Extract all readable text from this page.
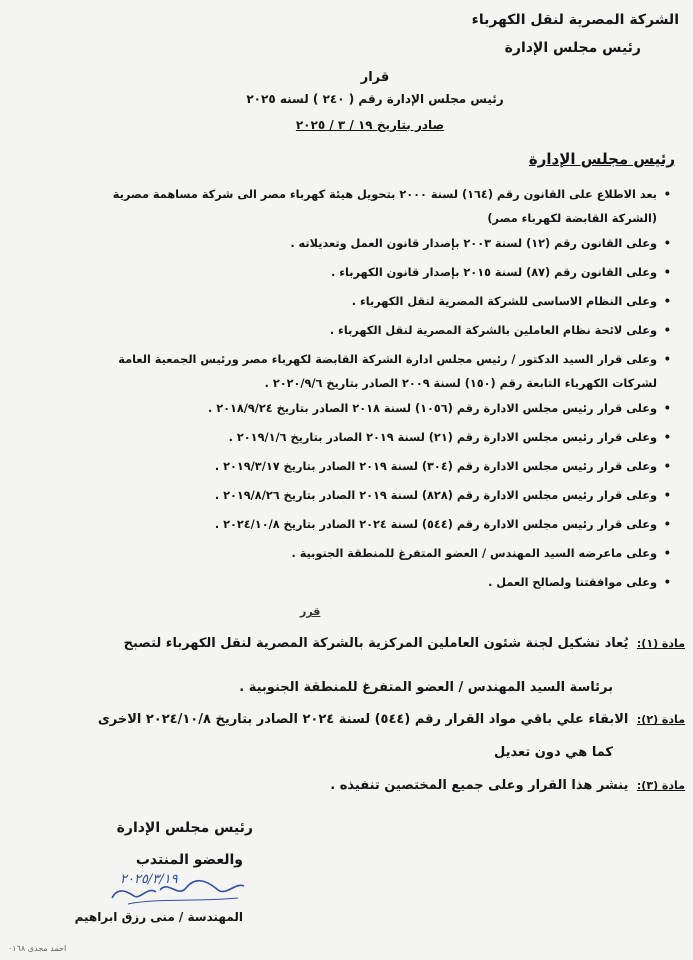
الشركة المصرية لنقل الكهرباء
رئيس مجلس الإدارة
قرار
رئيس مجلس الإدارة رقم ( ٢٤٠ ) لسنه ٢٠٢٥
صادر بتاريخ ١٩ / ٣ / ٢٠٢٥
رئيس مجلس الإدارة
• بعد الاطلاع على القانون رقم (١٦٤) لسنة ٢٠٠٠ بتحويل هيئة كهرباء مصر الى شركة مساهمة مصرية
(الشركة القابضة لكهرباء مصر)
• وعلى القانون رقم (١٢) لسنة ٢٠٠٣ بإصدار قانون العمل وتعديلاته .
• وعلى القانون رقم (٨٧) لسنة ٢٠١٥ بإصدار قانون الكهرباء .
• وعلى النظام الاساسى للشركة المصرية لنقل الكهرباء .
• وعلى لائحة نظام العاملين بالشركة المصرية لنقل الكهرباء .
• وعلى قرار السيد الدكتور / رئيس مجلس ادارة الشركة القابضة لكهرباء مصر ورئيس الجمعية العامة
لشركات الكهرباء التابعة رقم (١٥٠) لسنة ٢٠٠٩ الصادر بتاريخ ٢٠٢٠/٩/٦ .
• وعلى قرار رئيس مجلس الادارة رقم (١٠٥٦) لسنة ٢٠١٨ الصادر بتاريخ ٢٠١٨/٩/٢٤ .
• وعلى قرار رئيس مجلس الادارة رقم (٢١) لسنة ٢٠١٩ الصادر بتاريخ ٢٠١٩/١/٦ .
• وعلى قرار رئيس مجلس الادارة رقم (٣٠٤) لسنة ٢٠١٩ الصادر بتاريخ ٢٠١٩/٣/١٧ .
• وعلى قرار رئيس مجلس الادارة رقم (٨٢٨) لسنة ٢٠١٩ الصادر بتاريخ ٢٠١٩/٨/٢٦ .
• وعلى قرار رئيس مجلس الادارة رقم (٥٤٤) لسنة ٢٠٢٤ الصادر بتاريخ ٢٠٢٤/١٠/٨ .
• وعلى ماعرضه السيد المهندس / العضو المتفرغ للمنطقة الجنوبية .
• وعلى موافقتنا ولصالح العمل .
قرر
مادة (١): يُعاد تشكيل لجنة شئون العاملين المركزية بالشركة المصرية لنقل الكهرباء لتصبح
برئاسة السيد المهندس / العضو المتفرغ للمنطقة الجنوبية .
مادة (٢): الابقاء علي باقي مواد القرار رقم (٥٤٤) لسنة ٢٠٢٤ الصادر بتاريخ ٢٠٢٤/١٠/٨ الاخرى
كما هي دون تعديل
مادة (٣): ينشر هذا القرار وعلى جميع المختصين تنفيذه .
رئيس مجلس الإدارة
والعضو المنتدب
٢٠٢٥/٣/١٩
المهندسة / منى رزق ابراهيم
احمد مجدى ٠١٦٨
